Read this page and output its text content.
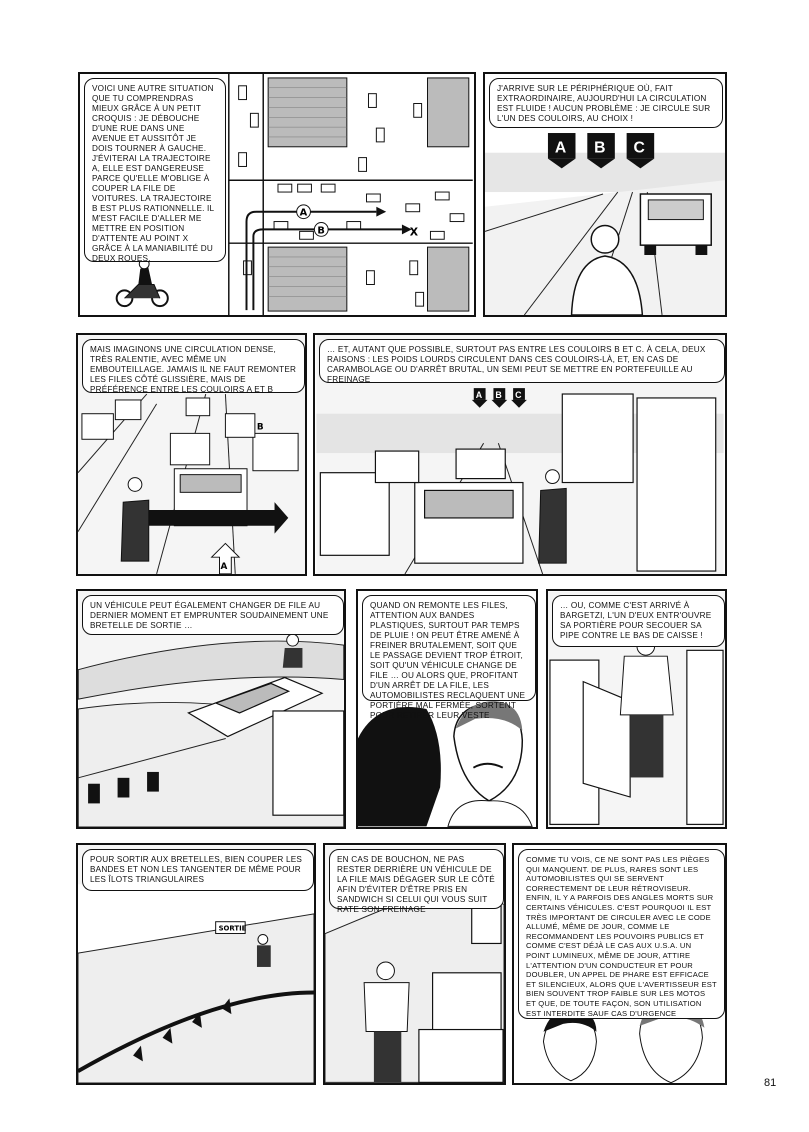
A
B	X
VOICI UNE AUTRE SITUATION QUE TU COMPRENDRAS MIEUX GRÂCE À UN PETIT CROQUIS : JE DÉBOUCHE D'UNE RUE DANS UNE AVENUE ET AUSSITÔT JE DOIS TOURNER À GAUCHE. J'ÉVITERAI LA TRAJECTOIRE A, ELLE EST DANGEREUSE PARCE QU'ELLE M'OBLIGE À COUPER LA FILE DE VOITURES. LA TRAJECTOIRE B EST PLUS RATIONNELLE. IL M'EST FACILE D'ALLER ME METTRE EN POSITION D'ATTENTE AU POINT X GRÂCE À LA MANIABILITÉ DU DEUX ROUES.
A B C
J'ARRIVE SUR LE PÉRIPHÉRIQUE OÙ, FAIT EXTRAORDINAIRE, AUJOURD'HUI LA CIRCULATION EST FLUIDE ! AUCUN PROBLÈME : JE CIRCULE SUR L'UN DES COULOIRS, AU CHOIX !
A
B
MAIS IMAGINONS UNE CIRCULATION DENSE, TRÈS RALENTIE, AVEC MÊME UN EMBOUTEILLAGE. JAMAIS IL NE FAUT REMONTER LES FILES CÔTÉ GLISSIÈRE, MAIS DE PRÉFÉRENCE ENTRE LES COULOIRS A ET B
A B C
… ET, AUTANT QUE POSSIBLE, SURTOUT PAS ENTRE LES COULOIRS B ET C. À CELA, DEUX RAISONS : LES POIDS LOURDS CIRCULENT DANS CES COULOIRS-LÀ, ET, EN CAS DE CARAMBOLAGE OU D'ARRÊT BRUTAL, UN SEMI PEUT SE METTRE EN PORTEFEUILLE AU FREINAGE
UN VÉHICULE PEUT ÉGALEMENT CHANGER DE FILE AU DERNIER MOMENT ET EMPRUNTER SOUDAINEMENT UNE BRETELLE DE SORTIE …
QUAND ON REMONTE LES FILES, ATTENTION AUX BANDES PLASTIQUES, SURTOUT PAR TEMPS DE PLUIE ! ON PEUT ÊTRE AMENÉ À FREINER BRUTALEMENT, SOIT QUE LE PASSAGE DEVIENT TROP ÉTROIT, SOIT QU'UN VÉHICULE CHANGE DE FILE … OU ALORS QUE, PROFITANT D'UN ARRÊT DE LA FILE, LES AUTOMOBILISTES RECLAQUENT UNE PORTIÈRE MAL FERMÉE, SORTENT POUR RETIRER LEUR VESTE
… OU, COMME C'EST ARRIVÉ À BARGETZI, L'UN D'EUX ENTR'OUVRE SA PORTIÈRE POUR SECOUER SA PIPE CONTRE LE BAS DE CAISSE !
SORTIE
POUR SORTIR AUX BRETELLES, BIEN COUPER LES BANDES ET NON LES TANGENTER DE MÊME POUR LES ÎLOTS TRIANGULAIRES
EN CAS DE BOUCHON, NE PAS RESTER DERRIÈRE UN VÉHICULE DE LA FILE MAIS DÉGAGER SUR LE CÔTÉ AFIN D'ÉVITER D'ÊTRE PRIS EN SANDWICH SI CELUI QUI VOUS SUIT RATE SON FREINAGE
COMME TU VOIS, CE NE SONT PAS LES PIÈGES QUI MANQUENT. DE PLUS, RARES SONT LES AUTOMOBILISTES QUI SE SERVENT CORRECTEMENT DE LEUR RÉTROVISEUR. ENFIN, IL Y A PARFOIS DES ANGLES MORTS SUR CERTAINS VÉHICULES. C'EST POURQUOI IL EST TRÈS IMPORTANT DE CIRCULER AVEC LE CODE ALLUMÉ, MÊME DE JOUR, COMME LE RECOMMANDENT LES POUVOIRS PUBLICS ET COMME C'EST DÉJÀ LE CAS AUX U.S.A. UN POINT LUMINEUX, MÊME DE JOUR, ATTIRE L'ATTENTION D'UN CONDUCTEUR ET POUR DOUBLER, UN APPEL DE PHARE EST EFFICACE ET SILENCIEUX, ALORS QUE L'AVERTISSEUR EST BIEN SOUVENT TROP FAIBLE SUR LES MOTOS ET QUE, DE TOUTE FAÇON, SON UTILISATION EST INTERDITE SAUF CAS D'URGENCE
81
